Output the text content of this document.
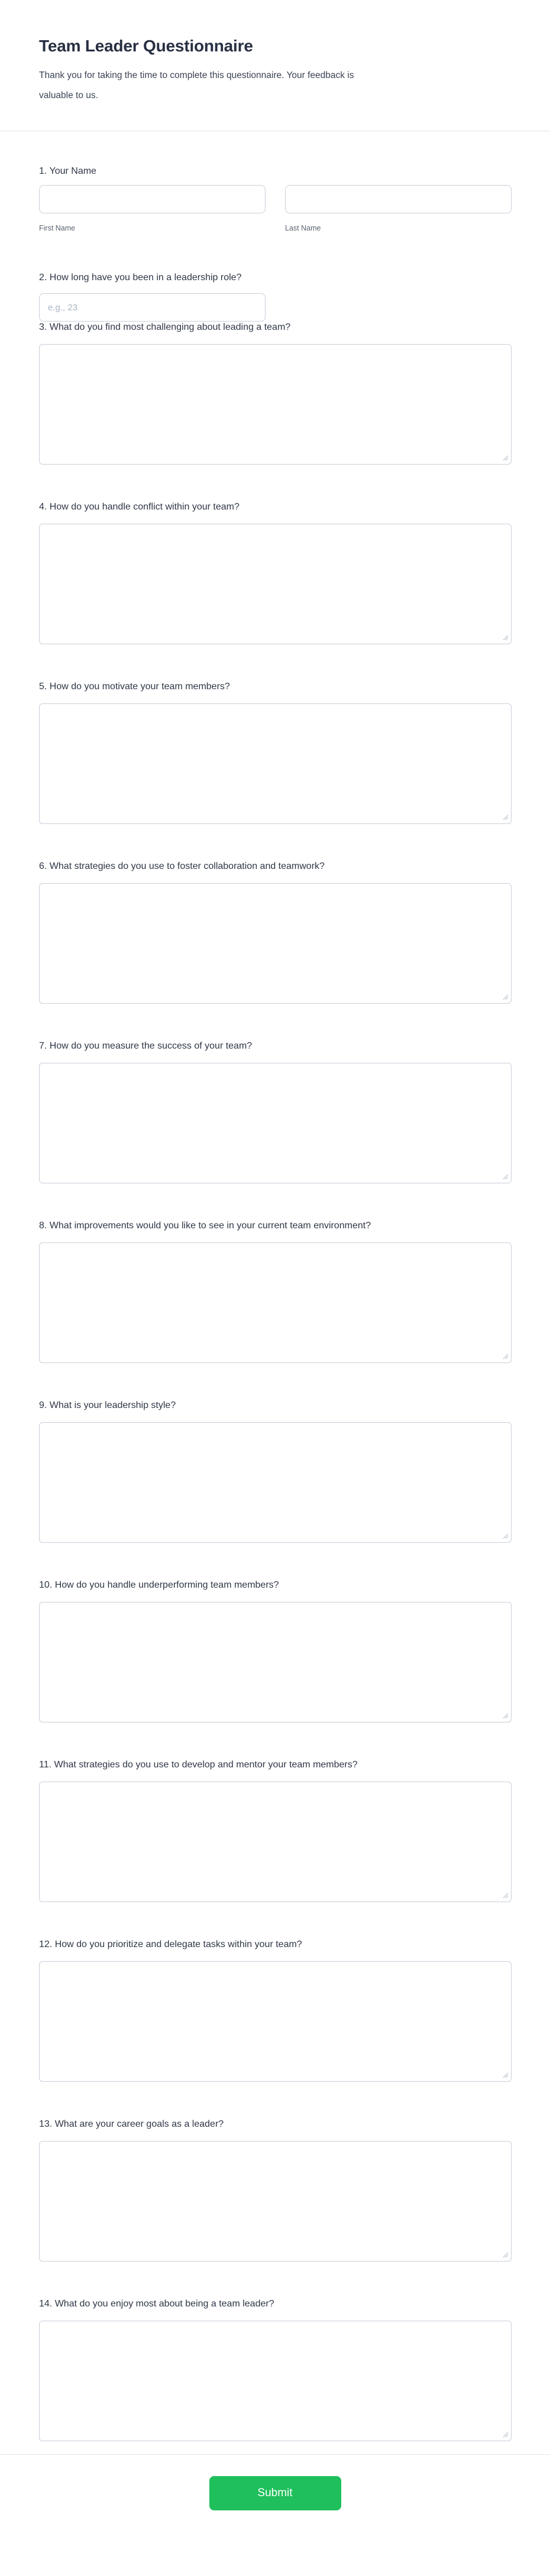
Team Leader Questionnaire
Thank you for taking the time to complete this questionnaire. Your feedback is
valuable to us.
1. Your Name
First Name	Last Name
2. How long have you been in a leadership role?
e.g., 23
3. What do you find most challenging about leading a team?
4. How do you handle conflict within your team?
5. How do you motivate your team members?
6. What strategies do you use to foster collaboration and teamwork?
7. How do you measure the success of your team?
8. What improvements would you like to see in your current team environment?
9. What is your leadership style?
10. How do you handle underperforming team members?
11. What strategies do you use to develop and mentor your team members?
12. How do you prioritize and delegate tasks within your team?
13. What are your career goals as a leader?
14. What do you enjoy most about being a team leader?
Submit
